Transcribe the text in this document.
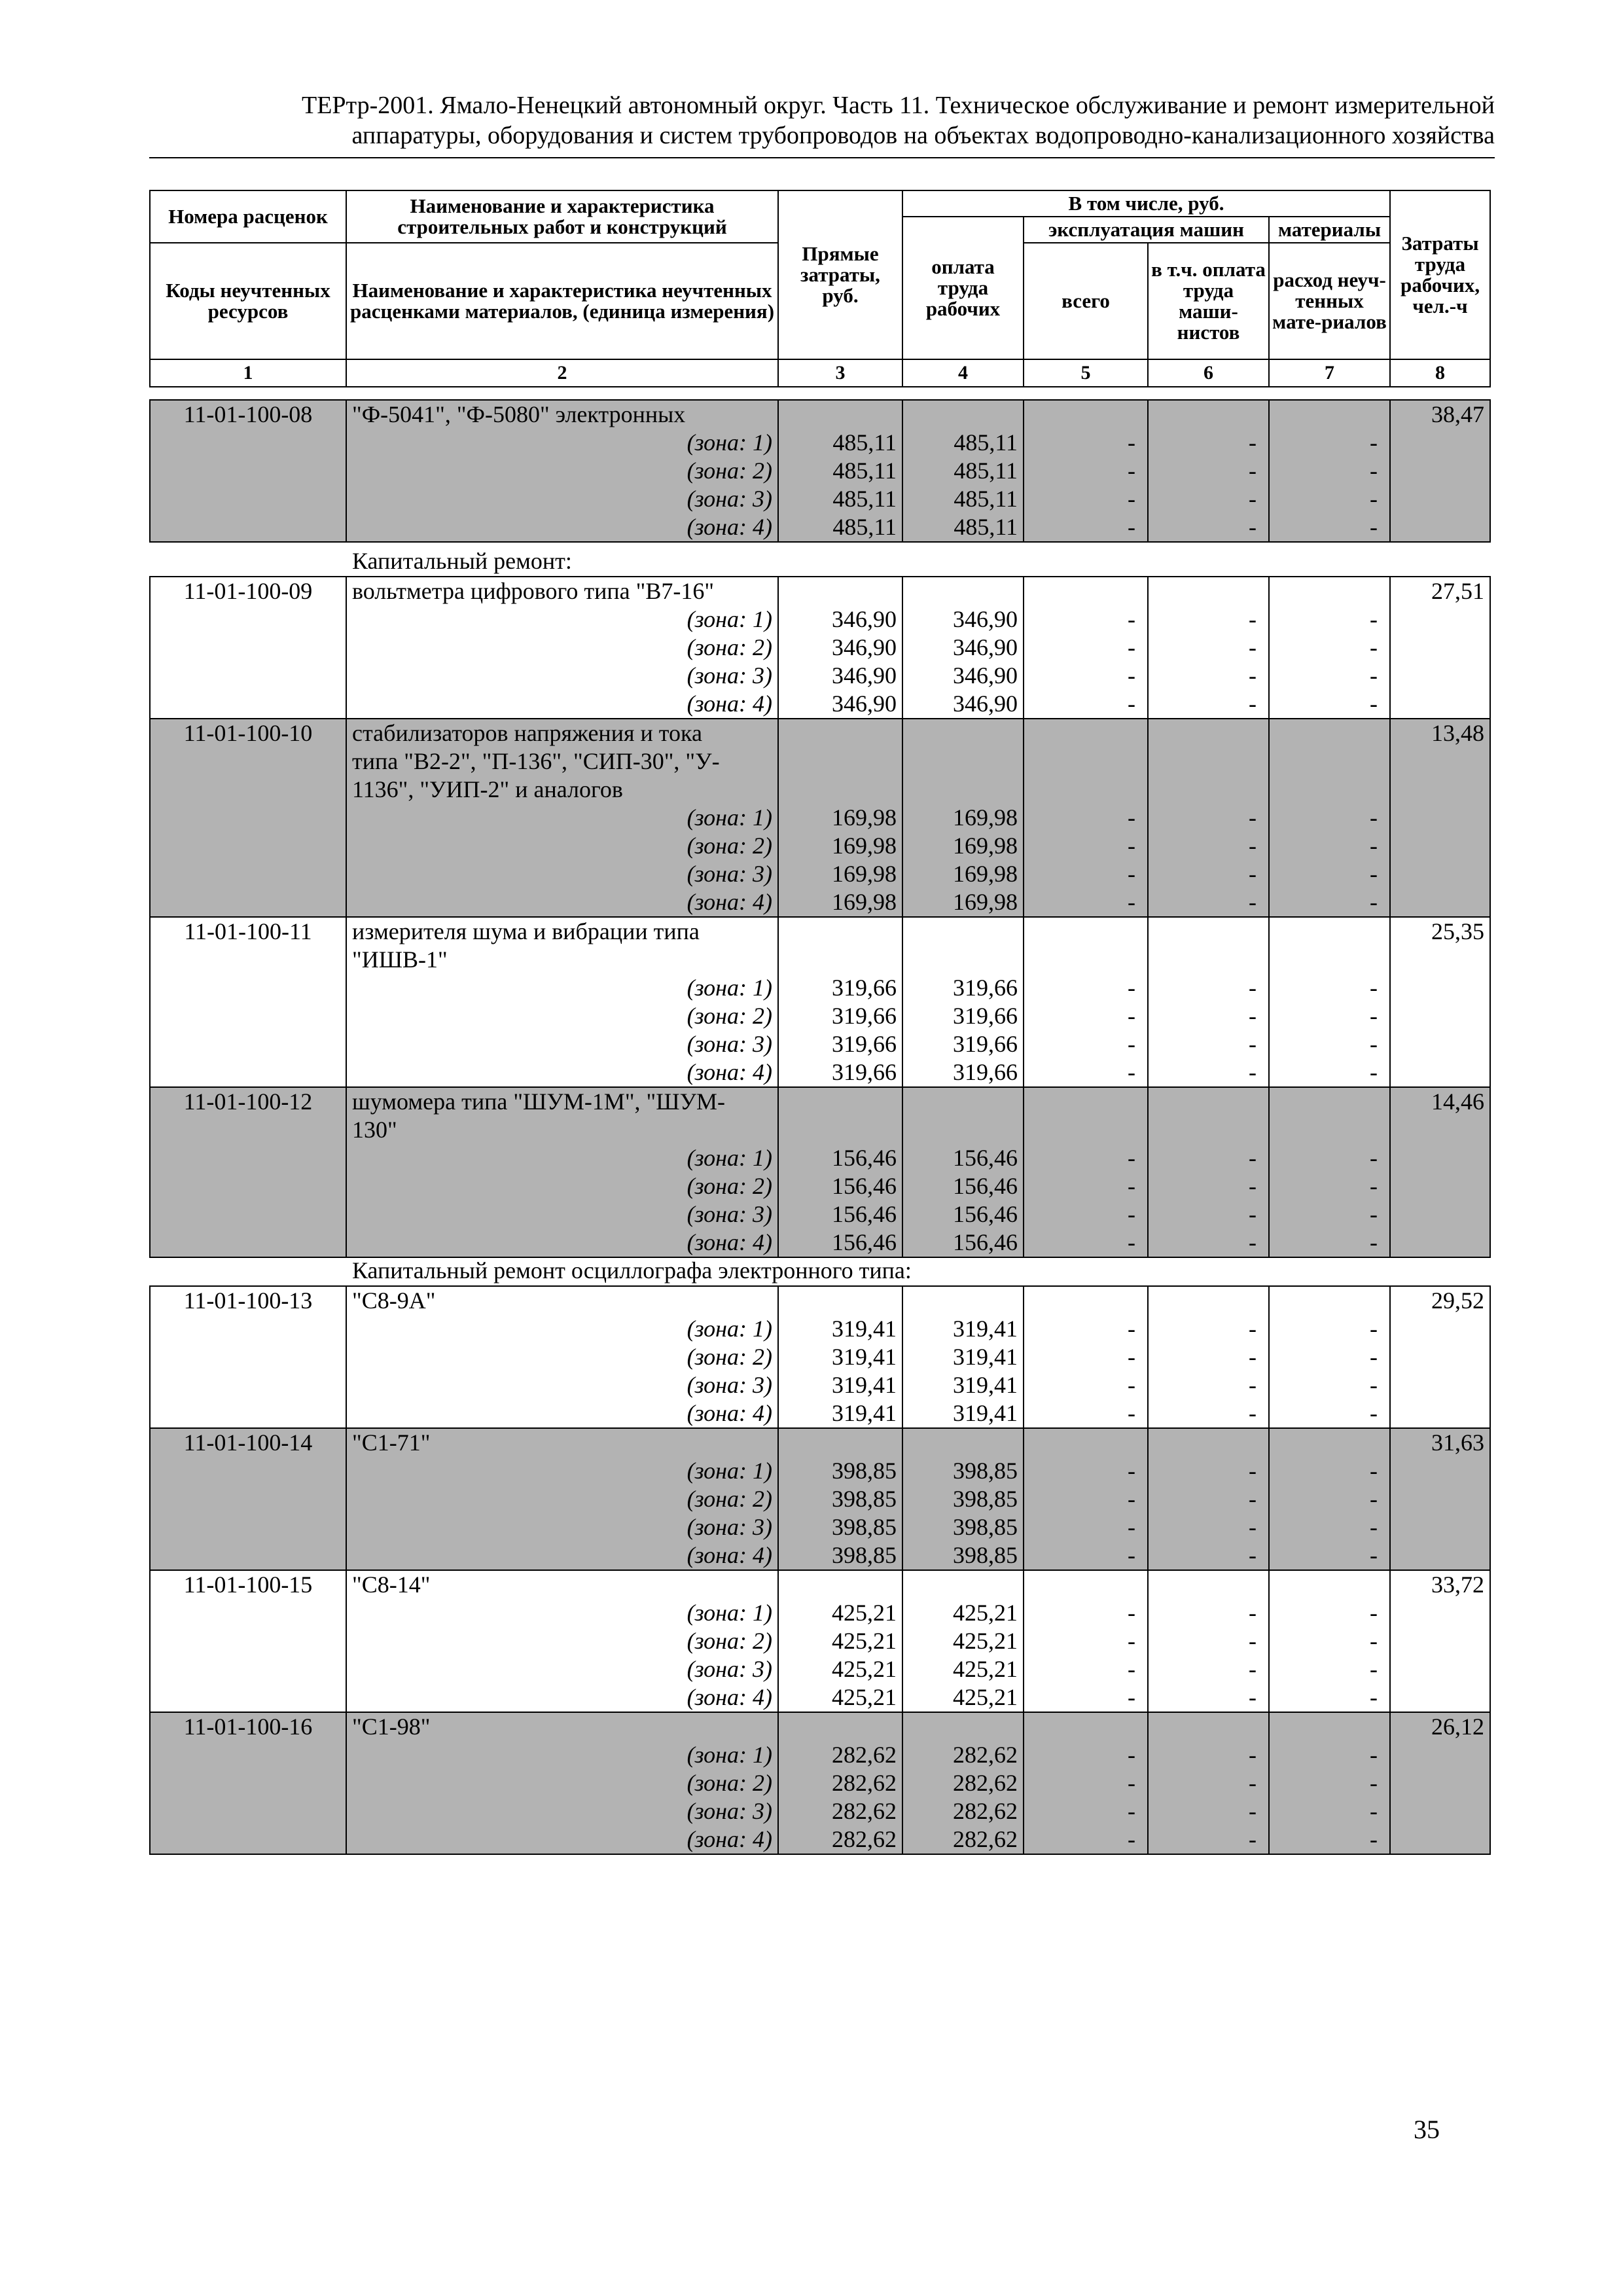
ТЕРтр-2001. Ямало-Ненецкий автономный округ. Часть 11. Техническое обслуживание и ремонт измерительной
аппаратуры, оборудования и систем трубопроводов на объектах водопроводно-канализационного хозяйства
Номера расценок	Наименование и характеристика строительных работ и конструкций	Прямые затраты, руб.	В том числе, руб.				Затраты труда рабочих, чел.-ч
			оплата труда рабочих	эксплуатация машин		материалы	
Коды неучтенных ресурсов	Наименование и характеристика неучтенных расценками материалов, (единица измерения)			всего	в т.ч. оплата труда маши-нистов	расход неуч-тенных мате-риалов	

1	2	3	4	5	6	7	8
11-01-100-08	"Ф-5041", "Ф-5080" электронных						38,47
	(зона: 1)	485,11	485,11	-	-	-	
	(зона: 2)	485,11	485,11	-	-	-	
	(зона: 3)	485,11	485,11	-	-	-	
	(зона: 4)	485,11	485,11	-	-	-	
11-01-100-09	вольтметра цифрового типа "В7-16"						27,51
	(зона: 1)	346,90	346,90	-	-	-	
	(зона: 2)	346,90	346,90	-	-	-	
	(зона: 3)	346,90	346,90	-	-	-	
	(зона: 4)	346,90	346,90	-	-	-	
11-01-100-10	стабилизаторов напряжения и тока						13,48
	типа "В2-2", "П-136", "СИП-30", "У-						
	1136", "УИП-2" и аналогов						
	(зона: 1)	169,98	169,98	-	-	-	
	(зона: 2)	169,98	169,98	-	-	-	
	(зона: 3)	169,98	169,98	-	-	-	
	(зона: 4)	169,98	169,98	-	-	-	
11-01-100-11	измерителя шума и вибрации типа						25,35
	"ИШВ-1"						
	(зона: 1)	319,66	319,66	-	-	-	
	(зона: 2)	319,66	319,66	-	-	-	
	(зона: 3)	319,66	319,66	-	-	-	
	(зона: 4)	319,66	319,66	-	-	-	
11-01-100-12	шумомера типа "ШУМ-1М", "ШУМ-						14,46
	130"						
	(зона: 1)	156,46	156,46	-	-	-	
	(зона: 2)	156,46	156,46	-	-	-	
	(зона: 3)	156,46	156,46	-	-	-	
	(зона: 4)	156,46	156,46	-	-	-	
11-01-100-13	"С8-9А"						29,52
	(зона: 1)	319,41	319,41	-	-	-	
	(зона: 2)	319,41	319,41	-	-	-	
	(зона: 3)	319,41	319,41	-	-	-	
	(зона: 4)	319,41	319,41	-	-	-	
11-01-100-14	"С1-71"						31,63
	(зона: 1)	398,85	398,85	-	-	-	
	(зона: 2)	398,85	398,85	-	-	-	
	(зона: 3)	398,85	398,85	-	-	-	
	(зона: 4)	398,85	398,85	-	-	-	
11-01-100-15	"С8-14"						33,72
	(зона: 1)	425,21	425,21	-	-	-	
	(зона: 2)	425,21	425,21	-	-	-	
	(зона: 3)	425,21	425,21	-	-	-	
	(зона: 4)	425,21	425,21	-	-	-	
11-01-100-16	"С1-98"						26,12
	(зона: 1)	282,62	282,62	-	-	-	
	(зона: 2)	282,62	282,62	-	-	-	
	(зона: 3)	282,62	282,62	-	-	-	
	(зона: 4)	282,62	282,62	-	-	-	
35
Капитальный ремонт:
Капитальный ремонт осциллографа электронного типа:
